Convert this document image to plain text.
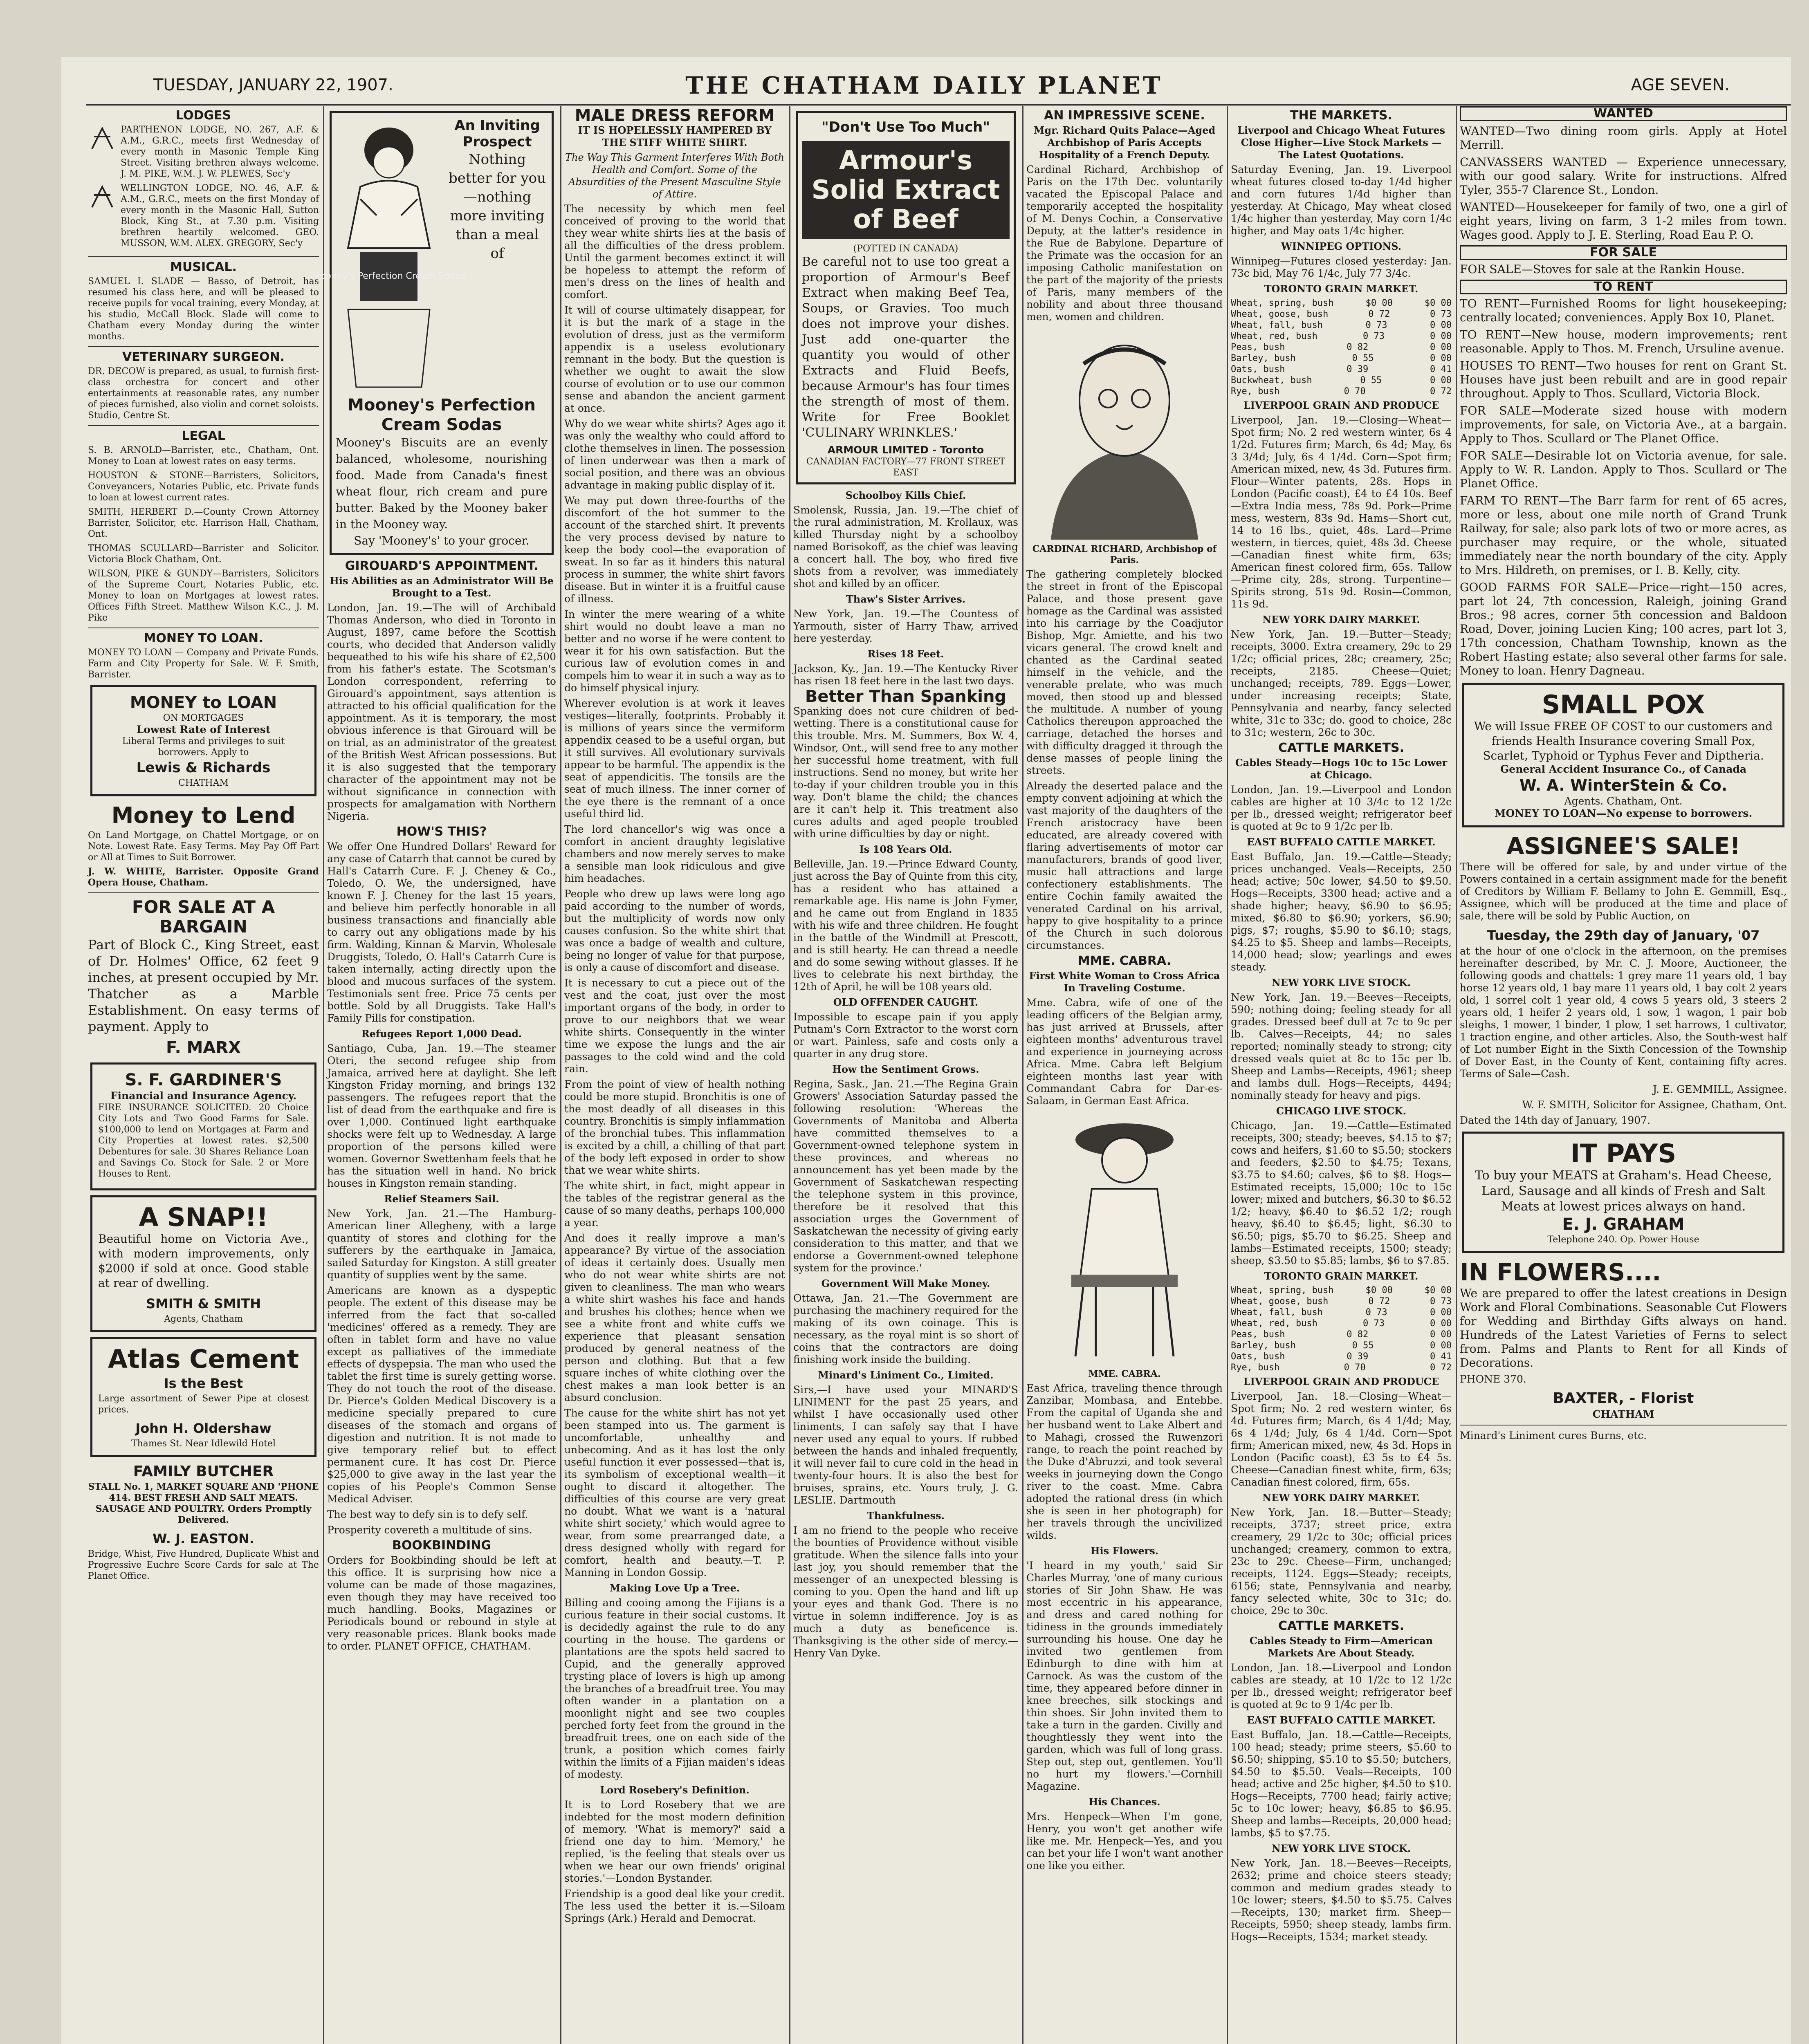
TUESDAY, JANUARY 22, 1907.	THE CHATHAM DAILY PLANET	AGE SEVEN.
LODGES
PARTHENON LODGE, NO. 267, A.F. & A.M., G.R.C., meets first Wednesday of every month in Masonic Temple King Street. Visiting brethren always welcome. J. M. PIKE, W.M. J. W. PLEWES, Sec'y
WELLINGTON LODGE, NO. 46, A.F. & A.M., G.R.C., meets on the first Monday of every month in the Masonic Hall, Sutton Block, King St., at 7.30 p.m. Visiting brethren heartily welcomed. GEO. MUSSON, W.M. ALEX. GREGORY, Sec'y
MUSICAL.
SAMUEL I. SLADE — Basso, of Detroit, has resumed his class here, and will be pleased to receive pupils for vocal training, every Monday, at his studio, McCall Block. Slade will come to Chatham every Monday during the winter months.
VETERINARY SURGEON.
DR. DECOW is prepared, as usual, to furnish first-class orchestra for concert and other entertainments at reasonable rates, any number of pieces furnished, also violin and cornet soloists. Studio, Centre St.
LEGAL
S. B. ARNOLD—Barrister, etc., Chatham, Ont. Money to Loan at lowest rates on easy terms.
HOUSTON & STONE—Barristers, Solicitors, Conveyancers, Notaries Public, etc. Private funds to loan at lowest current rates.
SMITH, HERBERT D.—County Crown Attorney Barrister, Solicitor, etc. Harrison Hall, Chatham, Ont.
THOMAS SCULLARD—Barrister and Solicitor. Victoria Block Chatham, Ont.
WILSON, PIKE & GUNDY—Barristers, Solicitors of the Supreme Court, Notaries Public, etc. Money to loan on Mortgages at lowest rates. Offices Fifth Street. Matthew Wilson K.C., J. M. Pike
MONEY TO LOAN.
MONEY TO LOAN — Company and Private Funds. Farm and City Property for Sale. W. F. Smith, Barrister.
MONEY to LOAN
ON MORTGAGES
Lowest Rate of Interest
Liberal Terms and privileges to suit borrowers. Apply to
Lewis & Richards
CHATHAM
Money to Lend
On Land Mortgage, on Chattel Mortgage, or on Note. Lowest Rate. Easy Terms. May Pay Off Part or All at Times to Suit Borrower.
J. W. WHITE, Barrister. Opposite Grand Opera House, Chatham.
FOR SALE AT A BARGAIN
Part of Block C., King Street, east of Dr. Holmes' Office, 62 feet 9 inches, at present occupied by Mr. Thatcher as a Marble Establishment. On easy terms of payment. Apply to
F. MARX
S. F. GARDINER'S
Financial and Insurance Agency.
FIRE INSURANCE SOLICITED. 20 Choice City Lots and Two Good Farms for Sale. $100,000 to lend on Mortgages at Farm and City Properties at lowest rates. $2,500 Debentures for sale. 30 Shares Reliance Loan and Savings Co. Stock for Sale. 2 or More Houses to Rent.
A SNAP!!
Beautiful home on Victoria Ave., with modern improvements, only $2000 if sold at once. Good stable at rear of dwelling.
SMITH & SMITH
Agents, Chatham
Atlas Cement
Is the Best
Large assortment of Sewer Pipe at closest prices.
John H. Oldershaw
Thames St. Near Idlewild Hotel
FAMILY BUTCHER
STALL No. 1, MARKET SQUARE AND 'PHONE 414. BEST FRESH AND SALT MEATS. SAUSAGE AND POULTRY. Orders Promptly Delivered.
W. J. EASTON.
Bridge, Whist, Five Hundred, Duplicate Whist and Progressive Euchre Score Cards for sale at The Planet Office.
Mooney's Perfection Cream Sodas
An Inviting Prospect
Nothing better for you—nothing more inviting than a meal of
Mooney's Perfection Cream Sodas
Mooney's Biscuits are an evenly balanced, wholesome, nourishing food. Made from Canada's finest wheat flour, rich cream and pure butter. Baked by the Mooney baker in the Mooney way.
Say 'Mooney's' to your grocer.
GIROUARD'S APPOINTMENT.
His Abilities as an Administrator Will Be Brought to a Test.
London, Jan. 19.—The will of Archibald Thomas Anderson, who died in Toronto in August, 1897, came before the Scottish courts, who decided that Anderson validly bequeathed to his wife his share of £2,500 from his father's estate. The Scotsman's London correspondent, referring to Girouard's appointment, says attention is attracted to his official qualification for the appointment. As it is temporary, the most obvious inference is that Girouard will be on trial, as an administrator of the greatest of the British West African possessions. But it is also suggested that the temporary character of the appointment may not be without significance in connection with prospects for amalgamation with Northern Nigeria.
HOW'S THIS?
We offer One Hundred Dollars' Reward for any case of Catarrh that cannot be cured by Hall's Catarrh Cure. F. J. Cheney & Co., Toledo, O. We, the undersigned, have known F. J. Cheney for the last 15 years, and believe him perfectly honorable in all business transactions and financially able to carry out any obligations made by his firm. Walding, Kinnan & Marvin, Wholesale Druggists, Toledo, O. Hall's Catarrh Cure is taken internally, acting directly upon the blood and mucous surfaces of the system. Testimonials sent free. Price 75 cents per bottle. Sold by all Druggists. Take Hall's Family Pills for constipation.
Refugees Report 1,000 Dead.
Santiago, Cuba, Jan. 19.—The steamer Oteri, the second refugee ship from Jamaica, arrived here at daylight. She left Kingston Friday morning, and brings 132 passengers. The refugees report that the list of dead from the earthquake and fire is over 1,000. Continued light earthquake shocks were felt up to Wednesday. A large proportion of the persons killed were women. Governor Swettenham feels that he has the situation well in hand. No brick houses in Kingston remain standing.
Relief Steamers Sail.
New York, Jan. 21.—The Hamburg-American liner Allegheny, with a large quantity of stores and clothing for the sufferers by the earthquake in Jamaica, sailed Saturday for Kingston. A still greater quantity of supplies went by the same.
Americans are known as a dyspeptic people. The extent of this disease may be inferred from the fact that so-called 'medicines' offered as a remedy. They are often in tablet form and have no value except as palliatives of the immediate effects of dyspepsia. The man who used the tablet the first time is surely getting worse. They do not touch the root of the disease. Dr. Pierce's Golden Medical Discovery is a medicine specially prepared to cure diseases of the stomach and organs of digestion and nutrition. It is not made to give temporary relief but to effect permanent cure. It has cost Dr. Pierce $25,000 to give away in the last year the copies of his People's Common Sense Medical Adviser.
The best way to defy sin is to defy self.
Prosperity covereth a multitude of sins.
BOOKBINDING
Orders for Bookbinding should be left at this office. It is surprising how nice a volume can be made of those magazines, even though they may have received too much handling. Books, Magazines or Periodicals bound or rebound in style at very reasonable prices. Blank books made to order. PLANET OFFICE, CHATHAM.
MALE DRESS REFORM
IT IS HOPELESSLY HAMPERED BY THE STIFF WHITE SHIRT.
The Way This Garment Interferes With Both Health and Comfort. Some of the Absurdities of the Present Masculine Style of Attire.
The necessity by which men feel conceived of proving to the world that they wear white shirts lies at the basis of all the difficulties of the dress problem. Until the garment becomes extinct it will be hopeless to attempt the reform of men's dress on the lines of health and comfort.
It will of course ultimately disappear, for it is but the mark of a stage in the evolution of dress, just as the vermiform appendix is a useless evolutionary remnant in the body. But the question is whether we ought to await the slow course of evolution or to use our common sense and abandon the ancient garment at once.
Why do we wear white shirts? Ages ago it was only the wealthy who could afford to clothe themselves in linen. The possession of linen underwear was then a mark of social position, and there was an obvious advantage in making public display of it.
We may put down three-fourths of the discomfort of the hot summer to the account of the starched shirt. It prevents the very process devised by nature to keep the body cool—the evaporation of sweat. In so far as it hinders this natural process in summer, the white shirt favors disease. But in winter it is a fruitful cause of illness.
In winter the mere wearing of a white shirt would no doubt leave a man no better and no worse if he were content to wear it for his own satisfaction. But the curious law of evolution comes in and compels him to wear it in such a way as to do himself physical injury.
Wherever evolution is at work it leaves vestiges—literally, footprints. Probably it is millions of years since the vermiform appendix ceased to be a useful organ, but it still survives. All evolutionary survivals appear to be harmful. The appendix is the seat of appendicitis. The tonsils are the seat of much illness. The inner corner of the eye there is the remnant of a once useful third lid.
The lord chancellor's wig was once a comfort in ancient draughty legislative chambers and now merely serves to make a sensible man look ridiculous and give him headaches.
People who drew up laws were long ago paid according to the number of words, but the multiplicity of words now only causes confusion. So the white shirt that was once a badge of wealth and culture, being no longer of value for that purpose, is only a cause of discomfort and disease.
It is necessary to cut a piece out of the vest and the coat, just over the most important organs of the body, in order to prove to our neighbors that we wear white shirts. Consequently in the winter time we expose the lungs and the air passages to the cold wind and the cold rain.
From the point of view of health nothing could be more stupid. Bronchitis is one of the most deadly of all diseases in this country. Bronchitis is simply inflammation of the bronchial tubes. This inflammation is excited by a chill, a chilling of that part of the body left exposed in order to show that we wear white shirts.
The white shirt, in fact, might appear in the tables of the registrar general as the cause of so many deaths, perhaps 100,000 a year.
And does it really improve a man's appearance? By virtue of the association of ideas it certainly does. Usually men who do not wear white shirts are not given to cleanliness. The man who wears a white shirt washes his face and hands and brushes his clothes; hence when we see a white front and white cuffs we experience that pleasant sensation produced by general neatness of the person and clothing. But that a few square inches of white clothing over the chest makes a man look better is an absurd conclusion.
The cause for the white shirt has not yet been stamped into us. The garment is uncomfortable, unhealthy and unbecoming. And as it has lost the only useful function it ever possessed—that is, its symbolism of exceptional wealth—it ought to discard it altogether. The difficulties of this course are very great no doubt. What we want is a 'natural white shirt society,' which would agree to wear, from some prearranged date, a dress designed wholly with regard for comfort, health and beauty.—T. P. Manning in London Gossip.
Making Love Up a Tree.
Billing and cooing among the Fijians is a curious feature in their social customs. It is decidedly against the rule to do any courting in the house. The gardens or plantations are the spots held sacred to Cupid, and the generally approved trysting place of lovers is high up among the branches of a breadfruit tree. You may often wander in a plantation on a moonlight night and see two couples perched forty feet from the ground in the breadfruit trees, one on each side of the trunk, a position which comes fairly within the limits of a Fijian maiden's ideas of modesty.
Lord Rosebery's Definition.
It is to Lord Rosebery that we are indebted for the most modern definition of memory. 'What is memory?' said a friend one day to him. 'Memory,' he replied, 'is the feeling that steals over us when we hear our own friends' original stories.'—London Bystander.
Friendship is a good deal like your credit. The less used the better it is.—Siloam Springs (Ark.) Herald and Democrat.
"Don't Use Too Much"
Armour's Solid Extract of Beef
(POTTED IN CANADA)
Be careful not to use too great a proportion of Armour's Beef Extract when making Beef Tea, Soups, or Gravies. Too much does not improve your dishes. Just add one-quarter the quantity you would of other Extracts and Fluid Beefs, because Armour's has four times the strength of most of them. Write for Free Booklet 'CULINARY WRINKLES.'
ARMOUR LIMITED - Toronto
CANADIAN FACTORY—77 FRONT STREET EAST
Schoolboy Kills Chief.
Smolensk, Russia, Jan. 19.—The chief of the rural administration, M. Krollaux, was killed Thursday night by a schoolboy named Borisokoff, as the chief was leaving a concert hall. The boy, who fired five shots from a revolver, was immediately shot and killed by an officer.
Thaw's Sister Arrives.
New York, Jan. 19.—The Countess of Yarmouth, sister of Harry Thaw, arrived here yesterday.
Rises 18 Feet.
Jackson, Ky., Jan. 19.—The Kentucky River has risen 18 feet here in the last two days.
Better Than Spanking
Spanking does not cure children of bed-wetting. There is a constitutional cause for this trouble. Mrs. M. Summers, Box W. 4, Windsor, Ont., will send free to any mother her successful home treatment, with full instructions. Send no money, but write her to-day if your children trouble you in this way. Don't blame the child; the chances are it can't help it. This treatment also cures adults and aged people troubled with urine difficulties by day or night.
Is 108 Years Old.
Belleville, Jan. 19.—Prince Edward County, just across the Bay of Quinte from this city, has a resident who has attained a remarkable age. His name is John Fymer, and he came out from England in 1835 with his wife and three children. He fought in the battle of the Windmill at Prescott, and is still hearty. He can thread a needle and do some sewing without glasses. If he lives to celebrate his next birthday, the 12th of April, he will be 108 years old.
OLD OFFENDER CAUGHT.
Impossible to escape pain if you apply Putnam's Corn Extractor to the worst corn or wart. Painless, safe and costs only a quarter in any drug store.
How the Sentiment Grows.
Regina, Sask., Jan. 21.—The Regina Grain Growers' Association Saturday passed the following resolution: 'Whereas the Governments of Manitoba and Alberta have committed themselves to a Government-owned telephone system in these provinces, and whereas no announcement has yet been made by the Government of Saskatchewan respecting the telephone system in this province, therefore be it resolved that this association urges the Government of Saskatchewan the necessity of giving early consideration to this matter, and that we endorse a Government-owned telephone system for the province.'
Government Will Make Money.
Ottawa, Jan. 21.—The Government are purchasing the machinery required for the making of its own coinage. This is necessary, as the royal mint is so short of coins that the contractors are doing finishing work inside the building.
Minard's Liniment Co., Limited.
Sirs,—I have used your MINARD'S LINIMENT for the past 25 years, and whilst I have occasionally used other liniments, I can safely say that I have never used any equal to yours. If rubbed between the hands and inhaled frequently, it will never fail to cure cold in the head in twenty-four hours. It is also the best for bruises, sprains, etc. Yours truly, J. G. LESLIE. Dartmouth
Thankfulness.
I am no friend to the people who receive the bounties of Providence without visible gratitude. When the silence falls into your last joy, you should remember that the messenger of an unexpected blessing is coming to you. Open the hand and lift up your eyes and thank God. There is no virtue in solemn indifference. Joy is as much a duty as beneficence is. Thanksgiving is the other side of mercy.—Henry Van Dyke.
AN IMPRESSIVE SCENE.
Mgr. Richard Quits Palace—Aged Archbishop of Paris Accepts Hospitality of a French Deputy.
Cardinal Richard, Archbishop of Paris on the 17th Dec. voluntarily vacated the Episcopal Palace and temporarily accepted the hospitality of M. Denys Cochin, a Conservative Deputy, at the latter's residence in the Rue de Babylone. Departure of the Primate was the occasion for an imposing Catholic manifestation on the part of the majority of the priests of Paris, many members of the nobility and about three thousand men, women and children.
CARDINAL RICHARD, Archbishop of Paris.
The gathering completely blocked the street in front of the Episcopal Palace, and those present gave homage as the Cardinal was assisted into his carriage by the Coadjutor Bishop, Mgr. Amiette, and his two vicars general. The crowd knelt and chanted as the Cardinal seated himself in the vehicle, and the venerable prelate, who was much moved, then stood up and blessed the multitude. A number of young Catholics thereupon approached the carriage, detached the horses and with difficulty dragged it through the dense masses of people lining the streets.
Already the deserted palace and the empty convent adjoining at which the vast majority of the daughters of the French aristocracy have been educated, are already covered with flaring advertisements of motor car manufacturers, brands of good liver, music hall attractions and large confectionery establishments. The entire Cochin family awaited the venerated Cardinal on his arrival, happy to give hospitality to a prince of the Church in such dolorous circumstances.
MME. CABRA.
First White Woman to Cross Africa In Traveling Costume.
Mme. Cabra, wife of one of the leading officers of the Belgian army, has just arrived at Brussels, after eighteen months' adventurous travel and experience in journeying across Africa. Mme. Cabra left Belgium eighteen months last year with Commandant Cabra for Dar-es-Salaam, in German East Africa.
MME. CABRA.
East Africa, traveling thence through Zanzibar, Mombasa, and Entebbe. From the capital of Uganda she and her husband went to Lake Albert and to Mahagi, crossed the Ruwenzori range, to reach the point reached by the Duke d'Abruzzi, and took several weeks in journeying down the Congo river to the coast. Mme. Cabra adopted the rational dress (in which she is seen in her photograph) for her travels through the uncivilized wilds.
His Flowers.
'I heard in my youth,' said Sir Charles Murray, 'one of many curious stories of Sir John Shaw. He was most eccentric in his appearance, and dress and cared nothing for tidiness in the grounds immediately surrounding his house. One day he invited two gentlemen from Edinburgh to dine with him at Carnock. As was the custom of the time, they appeared before dinner in knee breeches, silk stockings and thin shoes. Sir John invited them to take a turn in the garden. Civilly and thoughtlessly they went into the garden, which was full of long grass. Step out, step out, gentlemen. You'll no hurt my flowers.'—Cornhill Magazine.
His Chances.
Mrs. Henpeck—When I'm gone, Henry, you won't get another wife like me. Mr. Henpeck—Yes, and you can bet your life I won't want another one like you either.
THE MARKETS.
Liverpool and Chicago Wheat Futures Close Higher—Live Stock Markets —The Latest Quotations.
Saturday Evening, Jan. 19. Liverpool wheat futures closed to-day 1/4d higher and corn futures 1/4d higher than yesterday. At Chicago, May wheat closed 1/4c higher than yesterday, May corn 1/4c higher, and May oats 1/4c higher.
WINNIPEG OPTIONS.
Winnipeg—Futures closed yesterday: Jan. 73c bid, May 76 1/4c, July 77 3/4c.
TORONTO GRAIN MARKET.
Wheat, spring, bush	$0 00	$0 00
Wheat, goose, bush	0 72	0 73
Wheat, fall, bush	0 73	0 00
Wheat, red, bush	0 73	0 00
Peas, bush	0 82	0 00
Barley, bush	0 55	0 00
Oats, bush	0 39	0 41
Buckwheat, bush	0 55	0 00
Rye, bush	0 70	0 72
LIVERPOOL GRAIN AND PRODUCE
Liverpool, Jan. 19.—Closing—Wheat—Spot firm; No. 2 red western winter, 6s 4 1/2d. Futures firm; March, 6s 4d; May, 6s 3 3/4d; July, 6s 4 1/4d. Corn—Spot firm; American mixed, new, 4s 3d. Futures firm. Flour—Winter patents, 28s. Hops in London (Pacific coast), £4 to £4 10s. Beef—Extra India mess, 78s 9d. Pork—Prime mess, western, 83s 9d. Hams—Short cut, 14 to 16 lbs., quiet, 48s. Lard—Prime western, in tierces, quiet, 48s 3d. Cheese—Canadian finest white firm, 63s; American finest colored firm, 65s. Tallow—Prime city, 28s, strong. Turpentine—Spirits strong, 51s 9d. Rosin—Common, 11s 9d.
NEW YORK DAIRY MARKET.
New York, Jan. 19.—Butter—Steady; receipts, 3000. Extra creamery, 29c to 29 1/2c; official prices, 28c; creamery, 25c; receipts, 2185. Cheese—Quiet; unchanged; receipts, 789. Eggs—Lower, under increasing receipts; State, Pennsylvania and nearby, fancy selected white, 31c to 33c; do. good to choice, 28c to 31c; western, 26c to 30c.
CATTLE MARKETS.
Cables Steady—Hogs 10c to 15c Lower at Chicago.
London, Jan. 19.—Liverpool and London cables are higher at 10 3/4c to 12 1/2c per lb., dressed weight; refrigerator beef is quoted at 9c to 9 1/2c per lb.
EAST BUFFALO CATTLE MARKET.
East Buffalo, Jan. 19.—Cattle—Steady; prices unchanged. Veals—Receipts, 250 head; active; 50c lower, $4.50 to $9.50. Hogs—Receipts, 3300 head; active and a shade higher; heavy, $6.90 to $6.95; mixed, $6.80 to $6.90; yorkers, $6.90; pigs, $7; roughs, $5.90 to $6.10; stags, $4.25 to $5. Sheep and lambs—Receipts, 14,000 head; slow; yearlings and ewes steady.
NEW YORK LIVE STOCK.
New York, Jan. 19.—Beeves—Receipts, 590; nothing doing; feeling steady for all grades. Dressed beef dull at 7c to 9c per lb. Calves—Receipts, 44; no sales reported; nominally steady to strong; city dressed veals quiet at 8c to 15c per lb. Sheep and Lambs—Receipts, 4961; sheep and lambs dull. Hogs—Receipts, 4494; nominally steady for heavy and pigs.
CHICAGO LIVE STOCK.
Chicago, Jan. 19.—Cattle—Estimated receipts, 300; steady; beeves, $4.15 to $7; cows and heifers, $1.60 to $5.50; stockers and feeders, $2.50 to $4.75; Texans, $3.75 to $4.60; calves, $6 to $8. Hogs—Estimated receipts, 15,000; 10c to 15c lower; mixed and butchers, $6.30 to $6.52 1/2; heavy, $6.40 to $6.52 1/2; rough heavy, $6.40 to $6.45; light, $6.30 to $6.50; pigs, $5.70 to $6.25. Sheep and lambs—Estimated receipts, 1500; steady; sheep, $3.50 to $5.85; lambs, $6 to $7.85.
TORONTO GRAIN MARKET.
Wheat, spring, bush	$0 00	$0 00
Wheat, goose, bush	0 72	0 73
Wheat, fall, bush	0 73	0 00
Wheat, red, bush	0 73	0 00
Peas, bush	0 82	0 00
Barley, bush	0 55	0 00
Oats, bush	0 39	0 41
Rye, bush	0 70	0 72
LIVERPOOL GRAIN AND PRODUCE
Liverpool, Jan. 18.—Closing—Wheat—Spot firm; No. 2 red western winter, 6s 4d. Futures firm; March, 6s 4 1/4d; May, 6s 4 1/4d; July, 6s 4 1/4d. Corn—Spot firm; American mixed, new, 4s 3d. Hops in London (Pacific coast), £3 5s to £4 5s. Cheese—Canadian finest white, firm, 63s; Canadian finest colored, firm, 65s.
NEW YORK DAIRY MARKET.
New York, Jan. 18.—Butter—Steady; receipts, 3737; street price, extra creamery, 29 1/2c to 30c; official prices unchanged; creamery, common to extra, 23c to 29c. Cheese—Firm, unchanged; receipts, 1124. Eggs—Steady; receipts, 6156; state, Pennsylvania and nearby, fancy selected white, 30c to 31c; do. choice, 29c to 30c.
CATTLE MARKETS.
Cables Steady to Firm—American Markets Are About Steady.
London, Jan. 18.—Liverpool and London cables are steady, at 10 1/2c to 12 1/2c per lb., dressed weight; refrigerator beef is quoted at 9c to 9 1/4c per lb.
EAST BUFFALO CATTLE MARKET.
East Buffalo, Jan. 18.—Cattle—Receipts, 100 head; steady; prime steers, $5.60 to $6.50; shipping, $5.10 to $5.50; butchers, $4.50 to $5.50. Veals—Receipts, 100 head; active and 25c higher, $4.50 to $10. Hogs—Receipts, 7700 head; fairly active; 5c to 10c lower; heavy, $6.85 to $6.95. Sheep and lambs—Receipts, 20,000 head; lambs, $5 to $7.75.
NEW YORK LIVE STOCK.
New York, Jan. 18.—Beeves—Receipts, 2632; prime and choice steers steady; common and medium grades steady to 10c lower; steers, $4.50 to $5.75. Calves—Receipts, 130; market firm. Sheep—Receipts, 5950; sheep steady, lambs firm. Hogs—Receipts, 1534; market steady.
WANTED
WANTED—Two dining room girls. Apply at Hotel Merrill.
CANVASSERS WANTED — Experience unnecessary, with our good salary. Write for instructions. Alfred Tyler, 355-7 Clarence St., London.
WANTED—Housekeeper for family of two, one a girl of eight years, living on farm, 3 1-2 miles from town. Wages good. Apply to J. E. Sterling, Road Eau P. O.
FOR SALE
FOR SALE—Stoves for sale at the Rankin House.
TO RENT
TO RENT—Furnished Rooms for light housekeeping; centrally located; conveniences. Apply Box 10, Planet.
TO RENT—New house, modern improvements; rent reasonable. Apply to Thos. M. French, Ursuline avenue.
HOUSES TO RENT—Two houses for rent on Grant St. Houses have just been rebuilt and are in good repair throughout. Apply to Thos. Scullard, Victoria Block.
FOR SALE—Moderate sized house with modern improvements, for sale, on Victoria Ave., at a bargain. Apply to Thos. Scullard or The Planet Office.
FOR SALE—Desirable lot on Victoria avenue, for sale. Apply to W. R. Landon. Apply to Thos. Scullard or The Planet Office.
FARM TO RENT—The Barr farm for rent of 65 acres, more or less, about one mile north of Grand Trunk Railway, for sale; also park lots of two or more acres, as purchaser may require, or the whole, situated immediately near the north boundary of the city. Apply to Mrs. Hildreth, on premises, or I. B. Kelly, city.
GOOD FARMS FOR SALE—Price—right—150 acres, part lot 24, 7th concession, Raleigh, joining Grand Bros.; 98 acres, corner 5th concession and Baldoon Road, Dover, joining Lucien King; 100 acres, part lot 3, 17th concession, Chatham Township, known as the Robert Hasting estate; also several other farms for sale. Money to loan. Henry Dagneau.
SMALL POX
We will Issue FREE OF COST to our customers and friends Health Insurance covering Small Pox, Scarlet, Typhoid or Typhus Fever and Diptheria.
General Accident Insurance Co., of Canada
W. A. WinterStein & Co.
Agents. Chatham, Ont.
MONEY TO LOAN—No expense to borrowers.
ASSIGNEE'S SALE!
There will be offered for sale, by and under virtue of the Powers contained in a certain assignment made for the benefit of Creditors by William F. Bellamy to John E. Gemmill, Esq., Assignee, which will be produced at the time and place of sale, there will be sold by Public Auction, on
Tuesday, the 29th day of January, '07
at the hour of one o'clock in the afternoon, on the premises hereinafter described, by Mr. C. J. Moore, Auctioneer, the following goods and chattels: 1 grey mare 11 years old, 1 bay horse 12 years old, 1 bay mare 11 years old, 1 bay colt 2 years old, 1 sorrel colt 1 year old, 4 cows 5 years old, 3 steers 2 years old, 1 heifer 2 years old, 1 sow, 1 wagon, 1 pair bob sleighs, 1 mower, 1 binder, 1 plow, 1 set harrows, 1 cultivator, 1 traction engine, and other articles. Also, the South-west half of Lot number Eight in the Sixth Concession of the Township of Dover East, in the County of Kent, containing fifty acres. Terms of Sale—Cash.
J. E. GEMMILL, Assignee.
W. F. SMITH, Solicitor for Assignee, Chatham, Ont.
Dated the 14th day of January, 1907.
IT PAYS
To buy your MEATS at Graham's. Head Cheese, Lard, Sausage and all kinds of Fresh and Salt Meats at lowest prices always on hand.
E. J. GRAHAM
Telephone 240. Op. Power House
IN FLOWERS....
We are prepared to offer the latest creations in Design Work and Floral Combinations. Seasonable Cut Flowers for Wedding and Birthday Gifts always on hand. Hundreds of the Latest Varieties of Ferns to select from. Palms and Plants to Rent for all Kinds of Decorations.
PHONE 370.
BAXTER, - Florist
CHATHAM
Minard's Liniment cures Burns, etc.
